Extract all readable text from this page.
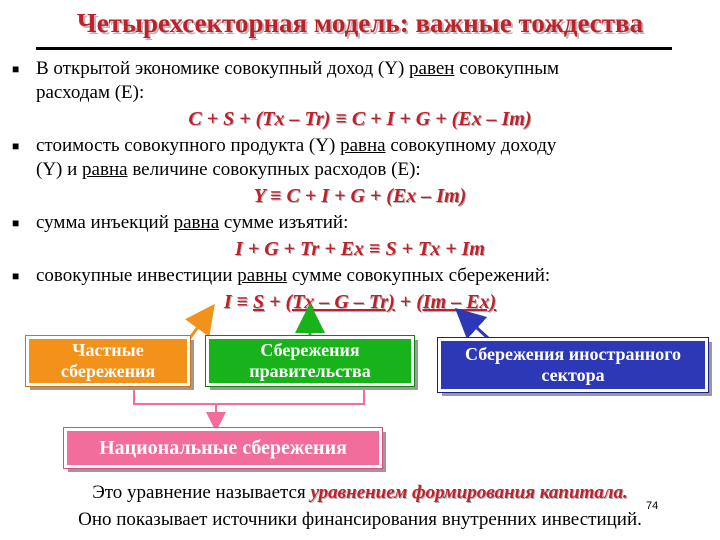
Четырехсекторная модель: важные тождества
■ В открытой экономике совокупный доход (Y) равен совокупным
расходам (E):
C + S + (Tx – Tr) ≡ C + I + G + (Ex – Im)
■ стоимость совокупного продукта (Y) равна совокупному доходу
(Y) и равна величине совокупных расходов (E):
Y ≡ C + I + G + (Ex – Im)
■ сумма инъекций равна сумме изъятий:
I + G + Tr + Ex ≡ S + Tx + Im
■ совокупные инвестиции равны сумме совокупных сбережений:
I ≡ S + (Tx – G – Tr) + (Im – Ex)
Частные сбережения
Сбережения правительства
Сбережения иностранного сектора
Национальные сбережения
Это уравнение называется уравнением формирования капитала.
74
Оно показывает источники финансирования внутренних инвестиций.
